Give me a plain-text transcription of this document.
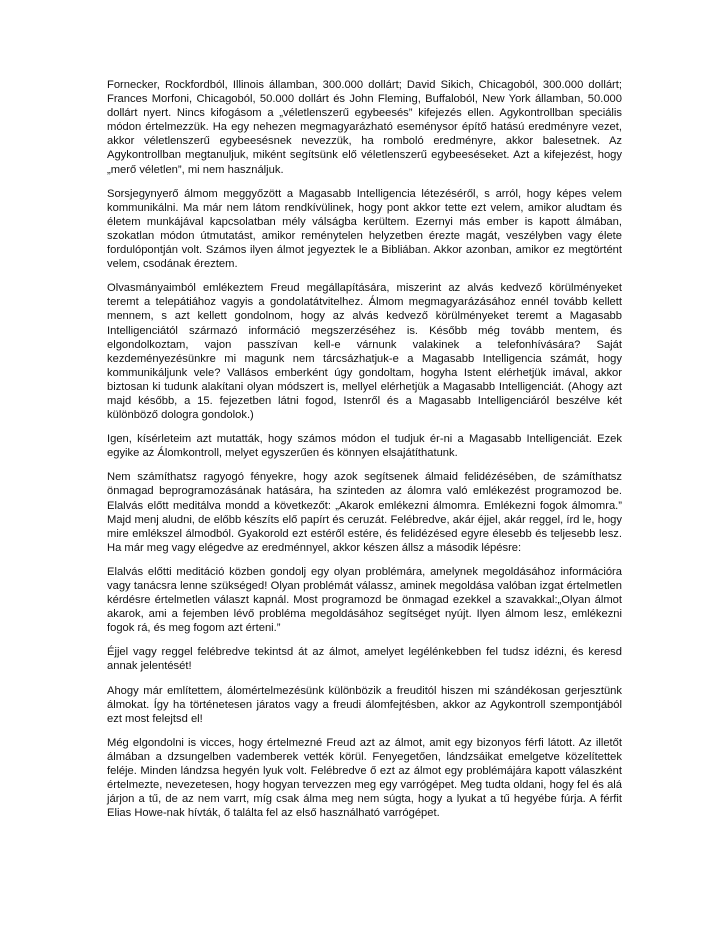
Fornecker, Rockfordból, Illinois államban, 300.000 dollárt; David Sikich, Chicagoból, 300.000 dollárt; Frances Morfoni, Chicagoból, 50.000 dollárt és John Fleming, Buffaloból, New York államban, 50.000 dollárt nyert. Nincs kifogásom a „véletlenszerű egybeesés” kifejezés ellen. Agykontrollban speciális módon értelmezzük. Ha egy nehezen megmagyarázható eseménysor építő hatású eredményre vezet, akkor véletlenszerű egybeesésnek nevezzük, ha romboló eredményre, akkor balesetnek. Az Agykontrollban megtanuljuk, miként segítsünk elő véletlenszerű egybeeséseket. Azt a kifejezést, hogy „merő véletlen”, mi nem használjuk.

Sorsjegynyerő álmom meggyőzött a Magasabb Intelligencia létezéséről, s arról, hogy képes velem kommunikálni. Ma már nem látom rendkívülinek, hogy pont akkor tette ezt velem, amikor aludtam és életem munkájával kapcsolatban mély válságba kerültem. Ezernyi más ember is kapott álmában, szokatlan módon útmutatást, amikor reménytelen helyzetben érezte magát, veszélyben vagy élete fordulópontján volt. Számos ilyen álmot jegyeztek le a Bibliában. Akkor azonban, amikor ez megtörtént velem, csodának éreztem.

Olvasmányaimból emlékeztem Freud megállapítására, miszerint az alvás kedvező körülményeket teremt a telepátiához vagyis a gondolatátvitelhez. Álmom megmagyarázásához ennél tovább kellett mennem, s azt kellett gondolnom, hogy az alvás kedvező körülményeket teremt a Magasabb Intelligenciától származó információ megszerzéséhez is. Később még tovább mentem, és elgondolkoztam, vajon passzívan kell-e várnunk valakinek a telefonhívására? Saját kezdeményezésünkre mi magunk nem tárcsázhatjuk-e a Magasabb Intelligencia számát, hogy kommunikáljunk vele? Vallásos emberként úgy gondoltam, hogyha Istent elérhetjük imával, akkor biztosan ki tudunk alakítani olyan módszert is, mellyel elérhetjük a Magasabb Intelligenciát. (Ahogy azt majd később, a 15. fejezetben látni fogod, Istenről és a Magasabb Intelligenciáról beszélve két különböző dologra gondolok.)

Igen, kísérleteim azt mutatták, hogy számos módon el tudjuk ér-ni a Magasabb Intelligenciát. Ezek egyike az Álomkontroll, melyet egyszerűen és könnyen elsajátíthatunk.

Nem számíthatsz ragyogó fényekre, hogy azok segítsenek álmaid felidézésében, de számíthatsz önmagad beprogramozásának hatására, ha szinteden az álomra való emlékezést programozod be. Elalvás előtt meditálva mondd a következőt: „Akarok emlékezni álmomra. Emlékezni fogok álmomra.” Majd menj aludni, de előbb készíts elő papírt és ceruzát. Felébredve, akár éjjel, akár reggel, írd le, hogy mire emlékszel álmodból. Gyakorold ezt estéről estére, és felidézésed egyre élesebb és teljesebb lesz. Ha már meg vagy elégedve az eredménnyel, akkor készen állsz a második lépésre:

Elalvás előtti meditáció közben gondolj egy olyan problémára, amelynek megoldásához információra vagy tanácsra lenne szükséged! Olyan problémát válassz, aminek megoldása valóban izgat értelmetlen kérdésre értelmetlen választ kapnál. Most programozd be önmagad ezekkel a szavakkal:„Olyan álmot akarok, ami a fejemben lévő probléma megoldásához segítséget nyújt. Ilyen álmom lesz, emlékezni fogok rá, és meg fogom azt érteni.”

Éjjel vagy reggel felébredve tekintsd át az álmot, amelyet legélénkebben fel tudsz idézni, és keresd annak jelentését!

Ahogy már említettem, álomértelmezésünk különbözik a freuditól hiszen mi szándékosan gerjesztünk álmokat. Így ha történetesen járatos vagy a freudi álomfejtésben, akkor az Agykontroll szempontjából ezt most felejtsd el!

Még elgondolni is vicces, hogy értelmezné Freud azt az álmot, amit egy bizonyos férfi látott. Az illetőt álmában a dzsungelben vademberek vették körül. Fenyegetően, lándzsáikat emelgetve közelítettek feléje. Minden lándzsa hegyén lyuk volt. Felébredve ő ezt az álmot egy problémájára kapott válaszként értelmezte, nevezetesen, hogy hogyan tervezzen meg egy varrógépet. Meg tudta oldani, hogy fel és alá járjon a tű, de az nem varrt, míg csak álma meg nem súgta, hogy a lyukat a tű hegyébe fúrja. A férfit Elias Howe-nak hívták, ő találta fel az első használható varrógépet.
